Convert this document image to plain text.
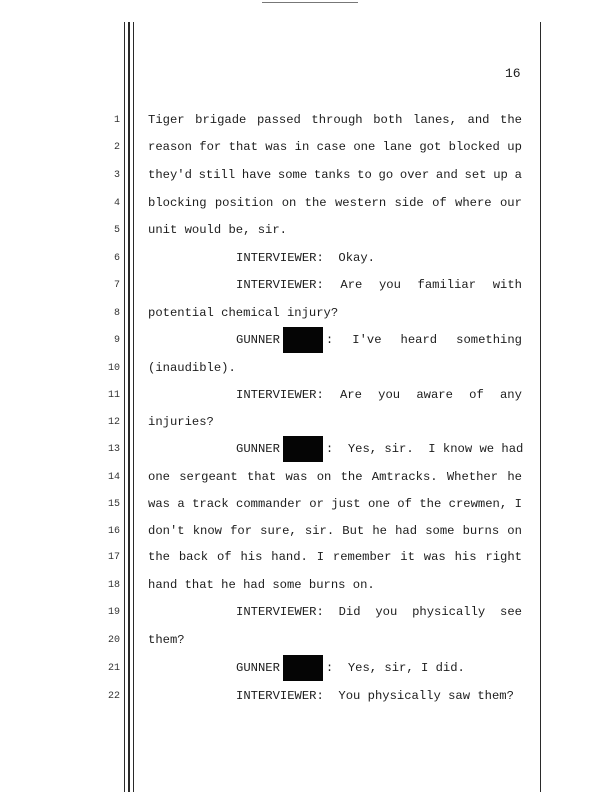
16
1 Tiger brigade passed through both lanes, and the
2 reason for that was in case one lane got blocked up
3 they'd still have some tanks to go over and set up a
4 blocking position on the western side of where our
5 unit would be, sir.
6	INTERVIEWER:  Okay.
7	INTERVIEWER: Are you familiar with
8 potential chemical injury?
9	GUNNER	: I've heard something
10 (inaudible).
11	INTERVIEWER: Are you aware of any
12 injuries?
13	GUNNER	:  Yes, sir.  I know we had
14 one sergeant that was on the Amtracks. Whether he
15 was a track commander or just one of the crewmen, I
16 don't know for sure, sir. But he had some burns on
17 the back of his hand. I remember it was his right
18 hand that he had some burns on.
19	INTERVIEWER: Did you physically see
20 them?
21	GUNNER	:  Yes, sir, I did.
22	INTERVIEWER:  You physically saw them?
